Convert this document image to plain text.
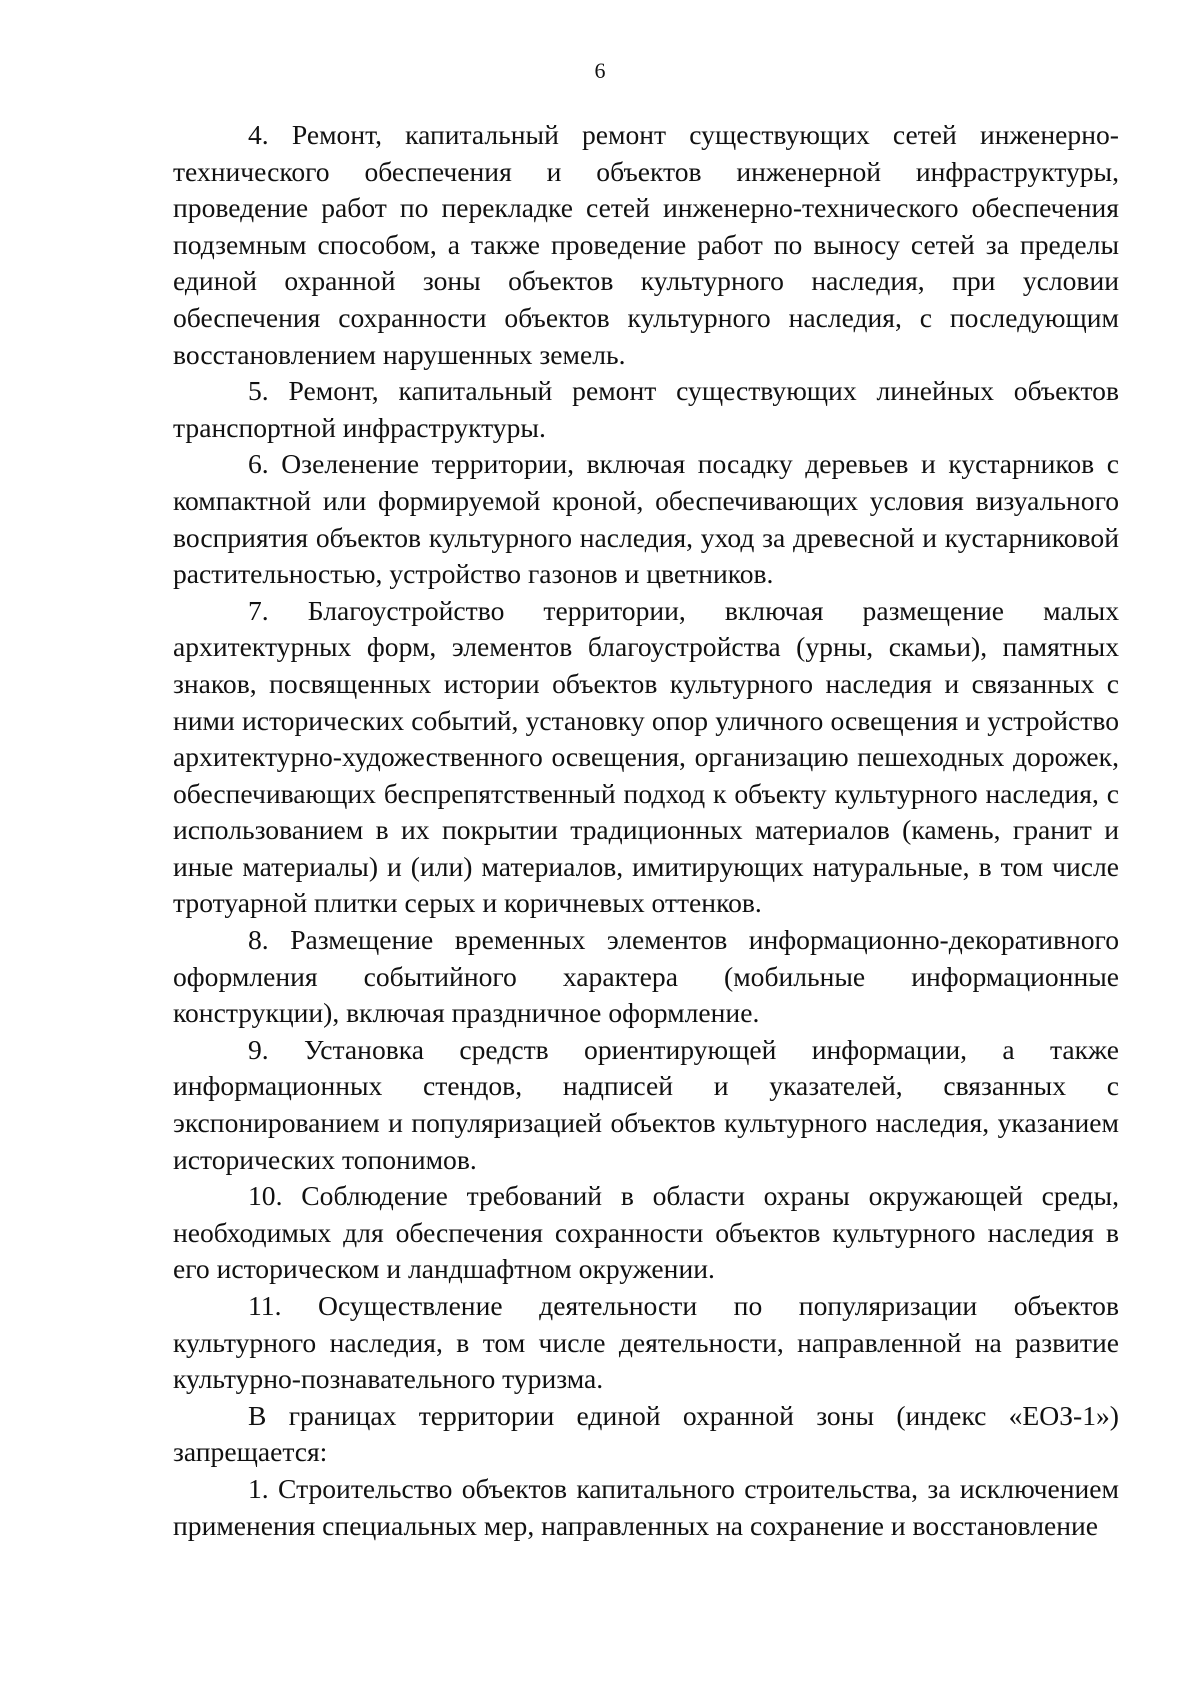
6

4. Ремонт, капитальный ремонт существующих сетей инженерно-технического обеспечения и объектов инженерной инфраструктуры, проведение работ по перекладке сетей инженерно-технического обеспечения подземным способом, а также проведение работ по выносу сетей за пределы единой охранной зоны объектов культурного наследия, при условии обеспечения сохранности объектов культурного наследия, с последующим восстановлением нарушенных земель.

5. Ремонт, капитальный ремонт существующих линейных объектов транспортной инфраструктуры.

6. Озеленение территории, включая посадку деревьев и кустарников с компактной или формируемой кроной, обеспечивающих условия визуального восприятия объектов культурного наследия, уход за древесной и кустарниковой растительностью, устройство газонов и цветников.

7. Благоустройство территории, включая размещение малых архитектурных форм, элементов благоустройства (урны, скамьи), памятных знаков, посвященных истории объектов культурного наследия и связанных с ними исторических событий, установку опор уличного освещения и устройство архитектурно-художественного освещения, организацию пешеходных дорожек, обеспечивающих беспрепятственный подход к объекту культурного наследия, с использованием в их покрытии традиционных материалов (камень, гранит и иные материалы) и (или) материалов, имитирующих натуральные, в том числе тротуарной плитки серых и коричневых оттенков.

8. Размещение временных элементов информационно-декоративного оформления событийного характера (мобильные информационные конструкции), включая праздничное оформление.

9. Установка средств ориентирующей информации, а также информационных стендов, надписей и указателей, связанных с экспонированием и популяризацией объектов культурного наследия, указанием исторических топонимов.

10. Соблюдение требований в области охраны окружающей среды, необходимых для обеспечения сохранности объектов культурного наследия в его историческом и ландшафтном окружении.

11. Осуществление деятельности по популяризации объектов культурного наследия, в том числе деятельности, направленной на развитие культурно-познавательного туризма.

В границах территории единой охранной зоны (индекс «ЕОЗ-1») запрещается:

1. Строительство объектов капитального строительства, за исключением применения специальных мер, направленных на сохранение и восстановление
